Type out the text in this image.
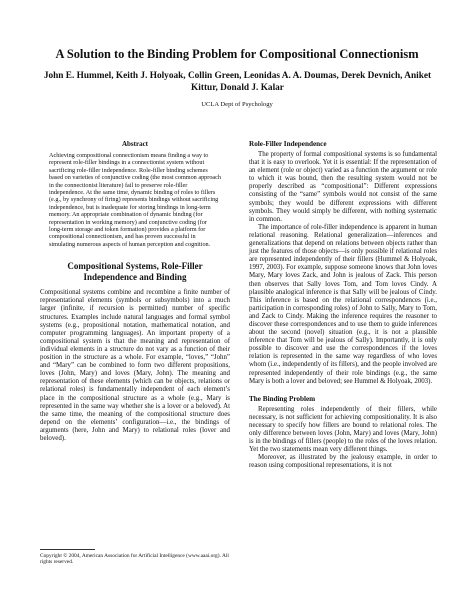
A Solution to the Binding Problem for Compositional Connectionism
John E. Hummel, Keith J. Holyoak, Collin Green, Leonidas A. A. Doumas, Derek Devnich, Aniket Kittur, Donald J. Kalar
UCLA Dept of Psychology
Abstract

Achieving compositional connectionism means finding a way to represent role-filler bindings in a connectionist system without sacrificing role-filler independence. Role-filler binding schemes based on varieties of conjunctive coding (the most common approach in the connectionist literature) fail to preserve role-filler independence. At the same time, dynamic binding of roles to fillers (e.g., by synchrony of firing) represents bindings without sacrificing independence, but is inadequate for storing bindings in long-term memory. An appropriate combination of dynamic binding (for representation in working memory) and conjunctive coding (for long-term storage and token formation) provides a platform for compositional connectionism, and has proven successful in simulating numerous aspects of human perception and cognition.

Compositional Systems, Role-Filler Independence and Binding

Compositional systems combine and recombine a finite number of representational elements (symbols or subsymbols) into a much larger (infinite, if recursion is permitted) number of specific structures. Examples include natural languages and formal symbol systems (e.g., propositional notation, mathematical notation, and computer programming languages). An important property of a compositional system is that the meaning and representation of individual elements in a structure do not vary as a function of their position in the structure as a whole. For example, “loves,” “John” and “Mary” can be combined to form two different propositions, loves (John, Mary) and loves (Mary, John). The meaning and representation of these elements (which can be objects, relations or relational roles) is fundamentally independent of each element’s place in the compositional structure as a whole (e.g., Mary is represented in the same way whether she is a lover or a beloved). At the same time, the meaning of the compositional structure does depend on the elements’ configuration—i.e., the bindings of arguments (here, John and Mary) to relational roles (lover and beloved).

Copyright © 2004, American Association for Artificial Intelligence (www.aaai.org). All rights reserved.
Role-Filler Independence

The property of formal compositional systems is so fundamental that it is easy to overlook. Yet it is essential: If the representation of an element (role or object) varied as a function the argument or role to which it was bound, then the resulting system would not be properly described as “compositional”: Different expressions consisting of the “same” symbols would not consist of the same symbols; they would be different expressions with different symbols. They would simply be different, with nothing systematic in common.

The importance of role-filler independence is apparent in human relational reasoning. Relational generalization—inferences and generalizations that depend on relations between objects rather than just the features of those objects—is only possible if relational roles are represented independently of their fillers (Hummel & Holyoak, 1997, 2003). For example, suppose someone knows that John loves Mary, Mary loves Zack, and John is jealous of Zack. This person then observes that Sally loves Tom, and Tom loves Cindy. A plausible analogical inference is that Sally will be jealous of Cindy. This inference is based on the relational correspondences (i.e., participation in corresponding roles) of John to Sally, Mary to Tom, and Zack to Cindy. Making the inference requires the reasoner to discover these correspondences and to use them to guide inferences about the second (novel) situation (e.g., it is not a plausible inference that Tom will be jealous of Sally). Importantly, it is only possible to discover and use the correspondences if the loves relation is represented in the same way regardless of who loves whom (i.e., independently of its fillers), and the people involved are represented independently of their role bindings (e.g., the same Mary is both a lover and beloved; see Hummel & Holyoak, 2003).

The Binding Problem

Representing roles independently of their fillers, while necessary, is not sufficient for achieving compositionality. It is also necessary to specify how fillers are bound to relational roles. The only difference between loves (John, Mary) and loves (Mary, John) is in the bindings of fillers (people) to the roles of the loves relation. Yet the two statements mean very different things.

Moreover, as illustrated by the jealousy example, in order to reason using compositional representations, it is not
